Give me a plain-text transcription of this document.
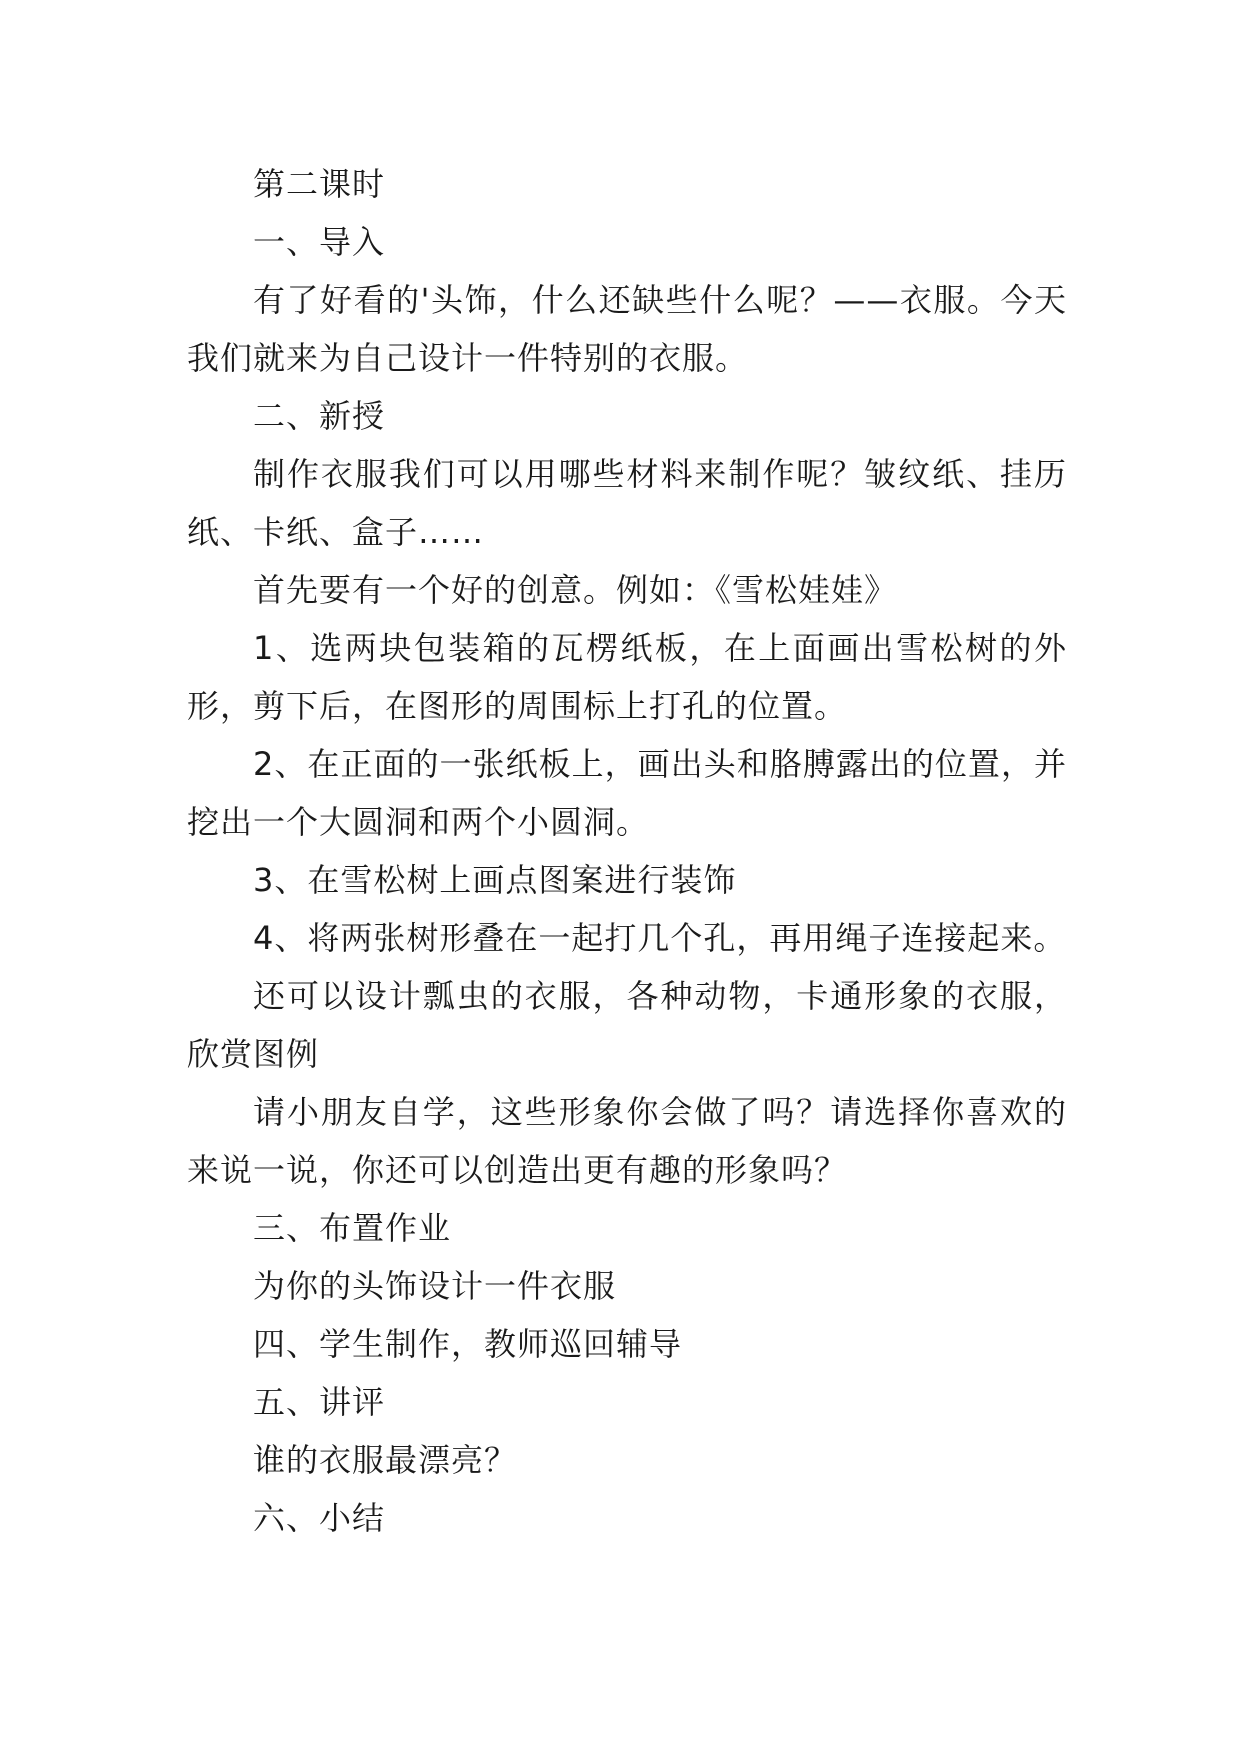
第二课时

一、导入

有了好看的'头饰，什么还缺些什么呢？——衣服。今天我们就来为自己设计一件特别的衣服。

二、新授

制作衣服我们可以用哪些材料来制作呢？皱纹纸、挂历纸、卡纸、盒子……

首先要有一个好的创意。例如：《雪松娃娃》

1、选两块包装箱的瓦楞纸板，在上面画出雪松树的外形，剪下后，在图形的周围标上打孔的位置。

2、在正面的一张纸板上，画出头和胳膊露出的位置，并挖出一个大圆洞和两个小圆洞。

3、在雪松树上画点图案进行装饰

4、将两张树形叠在一起打几个孔，再用绳子连接起来。

还可以设计瓢虫的衣服，各种动物，卡通形象的衣服，欣赏图例

请小朋友自学，这些形象你会做了吗？请选择你喜欢的来说一说，你还可以创造出更有趣的形象吗？

三、布置作业

为你的头饰设计一件衣服

四、学生制作，教师巡回辅导

五、讲评

谁的衣服最漂亮？

六、小结
